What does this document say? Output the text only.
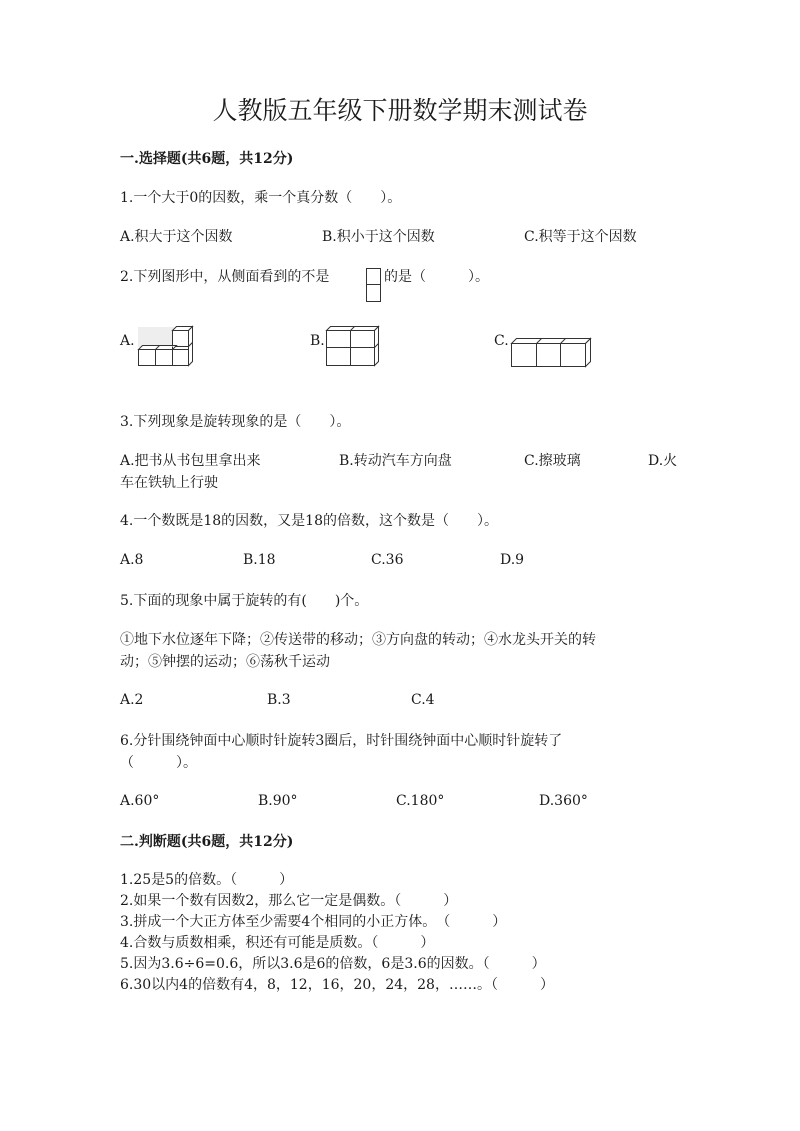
人教版五年级下册数学期末测试卷
一.选择题(共6题，共12分)
1.一个大于0的因数，乘一个真分数（　　）。
A.积大于这个因数	B.积小于这个因数	C.积等于这个因数
2.下列图形中，从侧面看到的不是	的是（　　　）。
A.	B.	C.
3.下列现象是旋转现象的是（　　）。
A.把书从书包里拿出来	B.转动汽车方向盘	C.擦玻璃	D.火
车在铁轨上行驶
4.一个数既是18的因数，又是18的倍数，这个数是（　　）。
A.8	B.18	C.36	D.9
5.下面的现象中属于旋转的有(　　)个。
①地下水位逐年下降；②传送带的移动；③方向盘的转动；④水龙头开关的转
动；⑤钟摆的运动；⑥荡秋千运动
A.2	B.3	C.4
6.分针围绕钟面中心顺时针旋转3圈后，时针围绕钟面中心顺时针旋转了
（　　　）。
A.60°	B.90°	C.180°	D.360°
二.判断题(共6题，共12分)
1.25是5的倍数。（　　　）
2.如果一个数有因数2，那么它一定是偶数。（　　　）
3.拼成一个大正方体至少需要4个相同的小正方体。　（　　　）
4.合数与质数相乘，积还有可能是质数。（　　　）
5.因为3.6÷6=0.6，所以3.6是6的倍数，6是3.6的因数。（　　　）
6.30以内4的倍数有4，8，12，16，20，24，28，……。（　　　）
